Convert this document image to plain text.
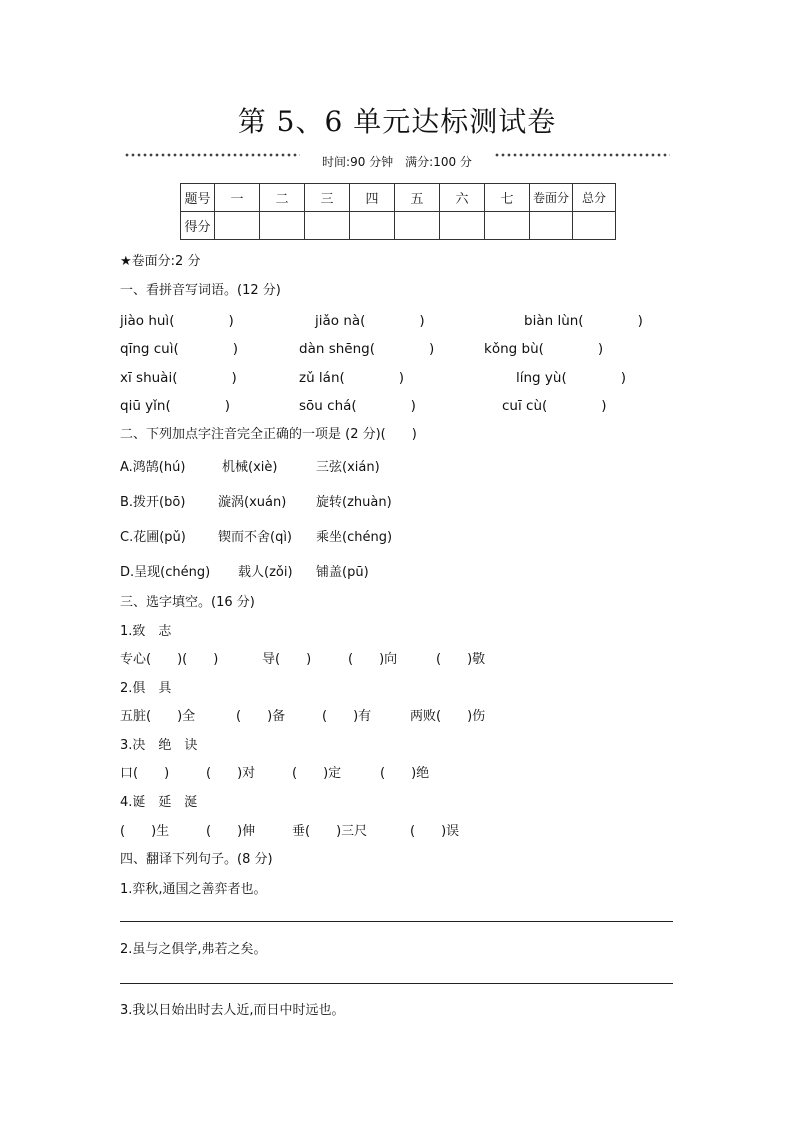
第 5、6 单元达标测试卷
时间:90 分钟　满分:100 分
题号	一	二	三	四	五	六	七	卷面分	总分
得分									
★卷面分:2 分
一、看拼音写词语。(12 分)
jiào huì(　　　　)	jiǎo nà(　　　　)	biàn lùn(　　　　)
qīng cuì(　　　　)	dàn shēng(　　　　)	kǒng bù(　　　　)
xī shuài(　　　　)	zǔ lán(　　　　)	líng yù(　　　　)
qiū yǐn(　　　　)	sōu chá(　　　　)	cuī cù(　　　　)
二、下列加点字注音完全正确的一项是 (2 分)(　　)
A.鸿鹄(hú)	机械(xiè)	三弦(xián)
B.拨开(bō)	漩涡(xuán) 旋转(zhuàn)
C.花圃(pǔ) 锲而不舍(qì) 乘坐(chéng)
D.呈现(chéng) 载人(zǒi) 铺盖(pū)
三、选字填空。(16 分)
1.致　志
专心(　　)(　　)	导(　　)	(　　)向	(　　)敬
2.俱　具
五脏(　　)全	(　　)备	(　　)有	两败(　　)伤
3.决　绝　诀
口(　　)	(　　)对	(　　)定	(　　)绝
4.诞　延　涎
(　　)生	(　　)伸	垂(　　)三尺	(　　)误
四、翻译下列句子。(8 分)
1.弈秋,通国之善弈者也。
2.虽与之俱学,弗若之矣。
3.我以日始出时去人近,而日中时远也。
